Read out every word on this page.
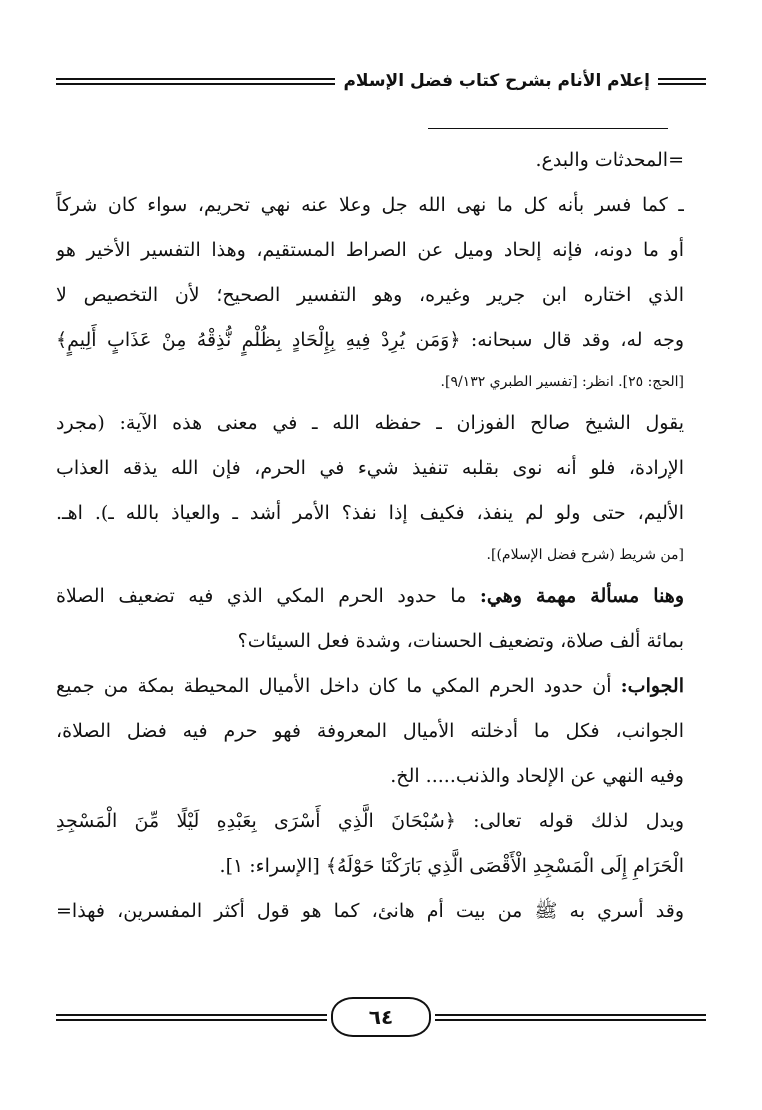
إعلام الأنام بشرح كتاب فضل الإسلام

=المحدثات والبدع.

ـ كما فسر بأنه كل ما نهى الله جل وعلا عنه نهي تحريم، سواء كان شركاً

أو ما دونه، فإنه إلحاد وميل عن الصراط المستقيم، وهذا التفسير الأخير هو

الذي اختاره ابن جرير وغيره، وهو التفسير الصحيح؛ لأن التخصيص لا

وجه له، وقد قال سبحانه: ﴿وَمَن يُرِدْ فِيهِ بِإِلْحَادٍ بِظُلْمٍ نُّذِقْهُ مِنْ عَذَابٍ أَلِيمٍ﴾

[الحج: ٢٥]. انظر: [تفسير الطبري ٩/١٣٢].

يقول الشيخ صالح الفوزان ـ حفظه الله ـ في معنى هذه الآية: (مجرد

الإرادة، فلو أنه نوى بقلبه تنفيذ شيء في الحرم، فإن الله يذقه العذاب

الأليم، حتى ولو لم ينفذ، فكيف إذا نفذ؟ الأمر أشد ـ والعياذ بالله ـ). اهـ.

[من شريط (شرح فضل الإسلام)].

وهنا مسألة مهمة وهي: ما حدود الحرم المكي الذي فيه تضعيف الصلاة

بمائة ألف صلاة، وتضعيف الحسنات، وشدة فعل السيئات؟

الجواب: أن حدود الحرم المكي ما كان داخل الأميال المحيطة بمكة من جميع

الجوانب، فكل ما أدخلته الأميال المعروفة فهو حرم فيه فضل الصلاة،

وفيه النهي عن الإلحاد والذنب..... الخ.

ويدل لذلك قوله تعالى: ﴿سُبْحَانَ الَّذِي أَسْرَى بِعَبْدِهِ لَيْلًا مِّنَ الْمَسْجِدِ

الْحَرَامِ إِلَى الْمَسْجِدِ الْأَقْصَى الَّذِي بَارَكْنَا حَوْلَهُ﴾ [الإسراء: ١].

وقد أسري به ﷺ من بيت أم هانئ، كما هو قول أكثر المفسرين، فهذا=

٦٤
